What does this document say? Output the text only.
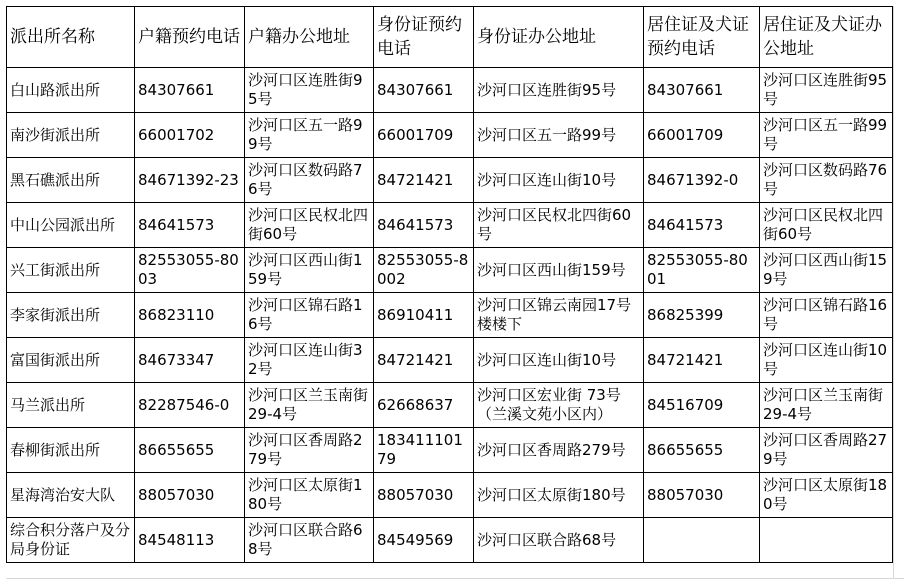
派出所名称	户籍预约电话	户籍办公地址	身份证预约电话	身份证办公地址	居住证及犬证预约电话	居住证及犬证办公地址
白山路派出所	84307661	沙河口区连胜街95号	84307661	沙河口区连胜街95号	84307661	沙河口区连胜街95号
南沙街派出所	66001702	沙河口区五一路99号	66001709	沙河口区五一路99号	66001709	沙河口区五一路99号
黑石礁派出所	84671392-23	沙河口区数码路76号	84721421	沙河口区连山街10号	84671392-0	沙河口区数码路76号
中山公园派出所	84641573	沙河口区民权北四街60号	84641573	沙河口区民权北四街60号	84641573	沙河口区民权北四街60号
兴工街派出所	82553055-8003	沙河口区西山街159号	82553055-8002	沙河口区西山街159号	82553055-8001	沙河口区西山街159号
李家街派出所	86823110	沙河口区锦石路16号	86910411	沙河口区锦云南园17号楼楼下	86825399	沙河口区锦石路16号
富国街派出所	84673347	沙河口区连山街32号	84721421	沙河口区连山街10号	84721421	沙河口区连山街10号
马兰派出所	82287546-0	沙河口区兰玉南街29-4号	62668637	沙河口区宏业街 73号（兰溪文苑小区内）	84516709	沙河口区兰玉南街29-4号
春柳街派出所	86655655	沙河口区香周路279号	18341110179	沙河口区香周路279号	86655655	沙河口区香周路279号
星海湾治安大队	88057030	沙河口区太原街180号	88057030	沙河口区太原街180号	88057030	沙河口区太原街180号
综合积分落户及分局身份证	84548113	沙河口区联合路68号	84549569	沙河口区联合路68号		
